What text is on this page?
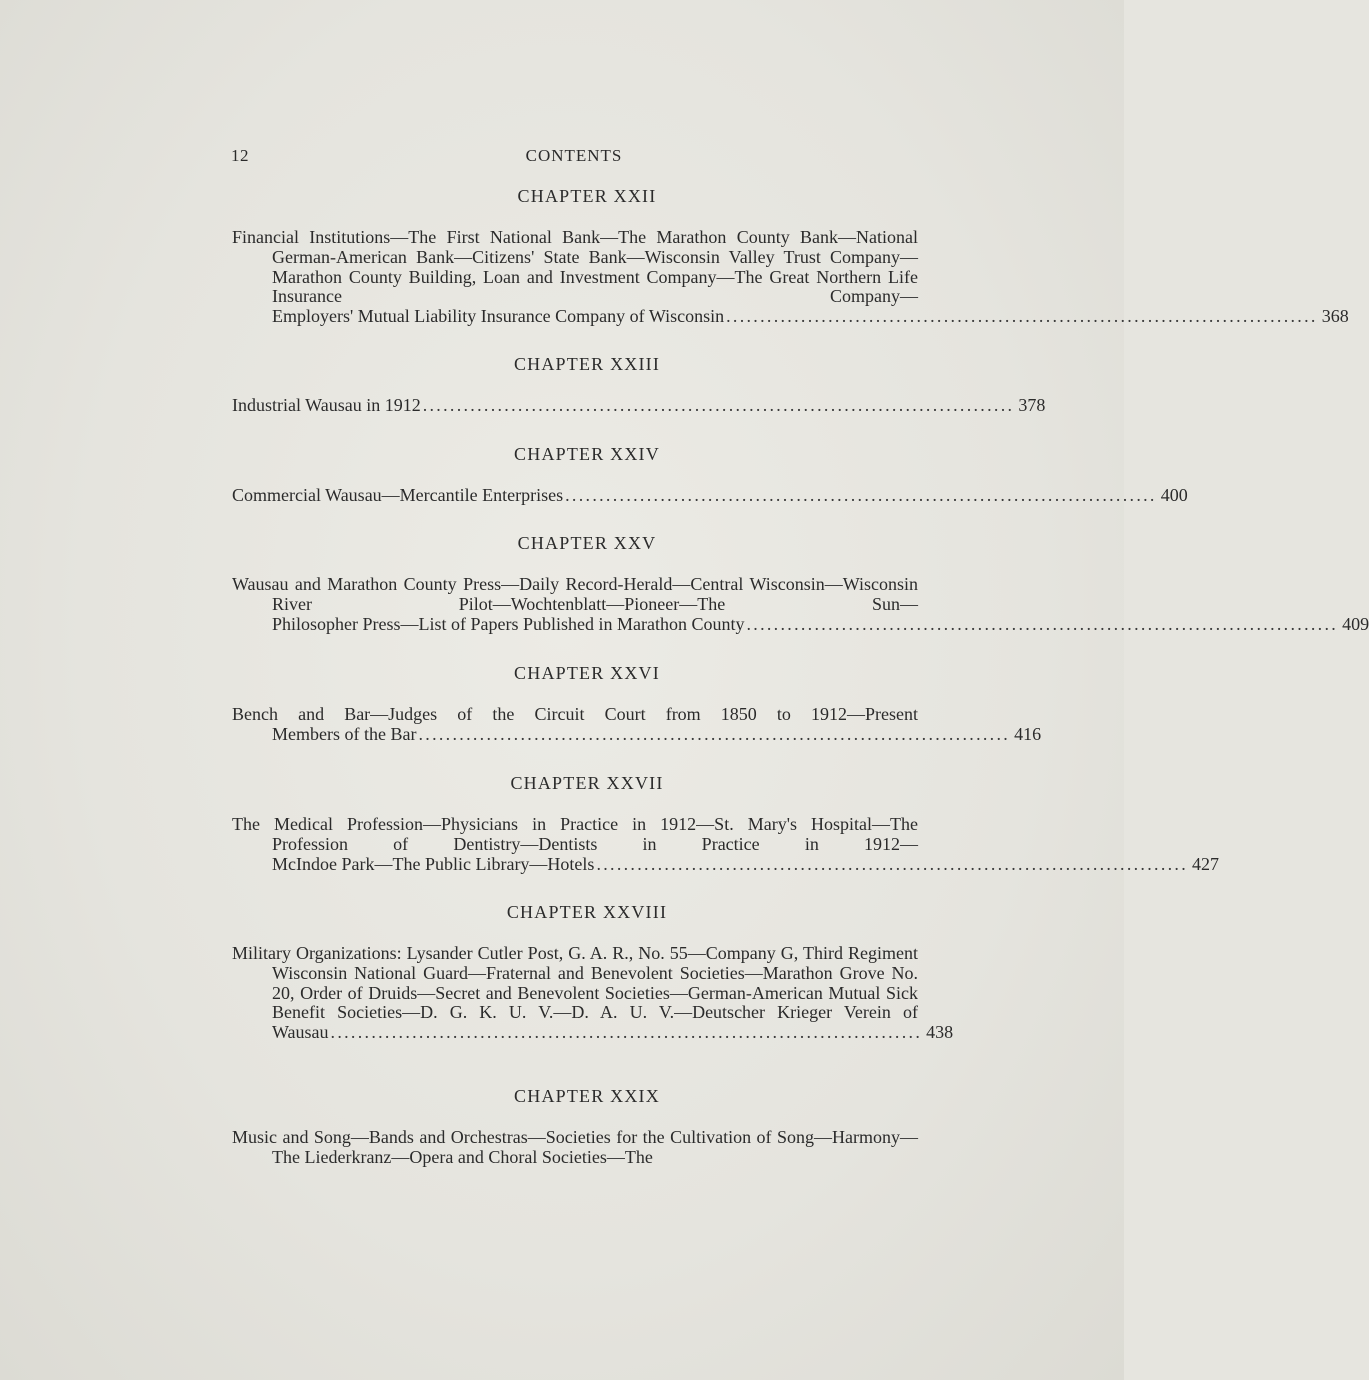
12	CONTENTS
CHAPTER XXII
Financial Institutions—The First National Bank—The Marathon County Bank—National German-American Bank—Citizens' State Bank—Wisconsin Valley Trust Company—Marathon County Building, Loan and Investment Company—The Great Northern Life Insurance Company—
Employers' Mutual Liability Insurance Company of Wisconsin ....................................................................................... 368
CHAPTER XXIII
Industrial Wausau in 1912 ....................................................................................... 378
CHAPTER XXIV
Commercial Wausau—Mercantile Enterprises ....................................................................................... 400
CHAPTER XXV
Wausau and Marathon County Press—Daily Record-Herald—Central Wisconsin—Wisconsin River Pilot—Wochtenblatt—Pioneer—The Sun—
Philosopher Press—List of Papers Published in Marathon County ....................................................................................... 409
CHAPTER XXVI
Bench and Bar—Judges of the Circuit Court from 1850 to 1912—Present
Members of the Bar ....................................................................................... 416
CHAPTER XXVII
The Medical Profession—Physicians in Practice in 1912—St. Mary's Hospital—The Profession of Dentistry—Dentists in Practice in 1912—
McIndoe Park—The Public Library—Hotels ....................................................................................... 427
CHAPTER XXVIII
Military Organizations: Lysander Cutler Post, G. A. R., No. 55—Company G, Third Regiment Wisconsin National Guard—Fraternal and Benevolent Societies—Marathon Grove No. 20, Order of Druids—Secret and Benevolent Societies—German-American Mutual Sick Benefit Societies—D. G. K. U. V.—D. A. U. V.—Deutscher Krieger Verein of
Wausau ....................................................................................... 438
CHAPTER XXIX
Music and Song—Bands and Orchestras—Societies for the Cultivation of Song—Harmony—The Liederkranz—Opera and Choral Societies—The
